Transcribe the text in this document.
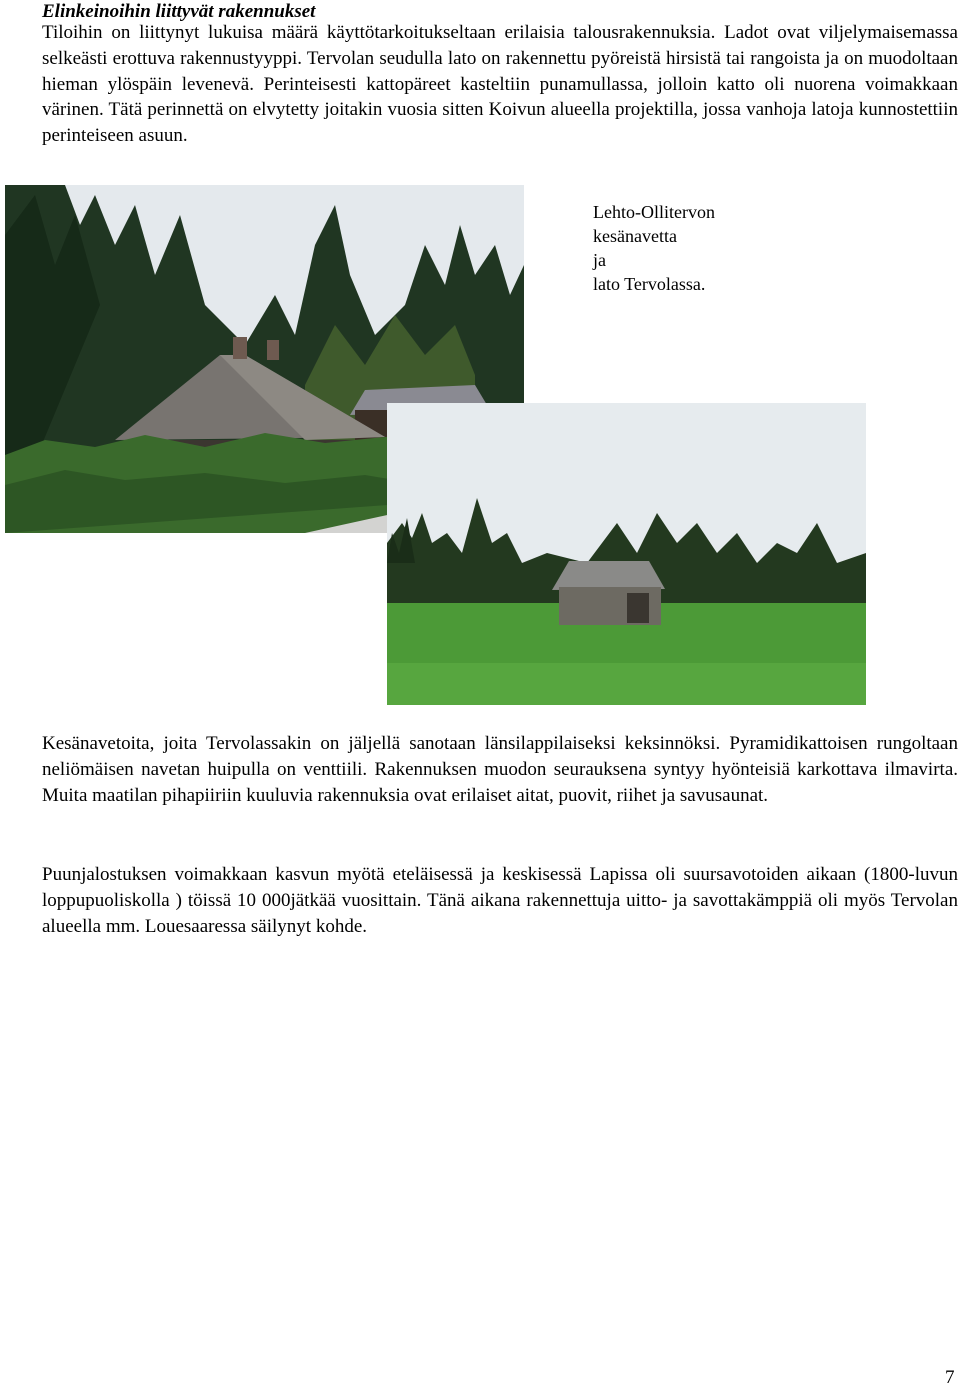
Elinkeinoihin liittyvät rakennukset

Tiloihin on liittynyt lukuisa määrä käyttötarkoitukseltaan erilaisia talousrakennuksia. Ladot ovat viljelymaisemassa selkeästi erottuva rakennustyyppi. Tervolan seudulla lato on rakennettu pyöreistä hirsistä tai rangoista ja on muodoltaan hieman ylöspäin levenevä. Perinteisesti kattopäreet kasteltiin punamullassa, jolloin katto oli nuorena voimakkaan värinen. Tätä perinnettä on elvytetty joitakin vuosia sitten Koivun alueella projektilla, jossa vanhoja latoja kunnostettiin perinteiseen asuun.

Lehto-Ollitervon kesänavetta
ja
lato Tervolassa.

Kesänavetoita, joita Tervolassakin on jäljellä sanotaan länsilappilaiseksi keksinnöksi. Pyramidikattoisen rungoltaan neliömäisen navetan huipulla on venttiili. Rakennuksen muodon seurauksena syntyy hyönteisiä karkottava ilmavirta. Muita maatilan pihapiiriin kuuluvia rakennuksia ovat erilaiset aitat, puovit, riihet ja savusaunat.

Puunjalostuksen voimakkaan kasvun myötä eteläisessä ja keskisessä Lapissa oli suursavotoiden aikaan (1800-luvun loppupuoliskolla ) töissä 10 000jätkää vuosittain. Tänä aikana rakennettuja uitto- ja savottakämppiä oli myös Tervolan alueella mm. Louesaaressa säilynyt kohde.

7
